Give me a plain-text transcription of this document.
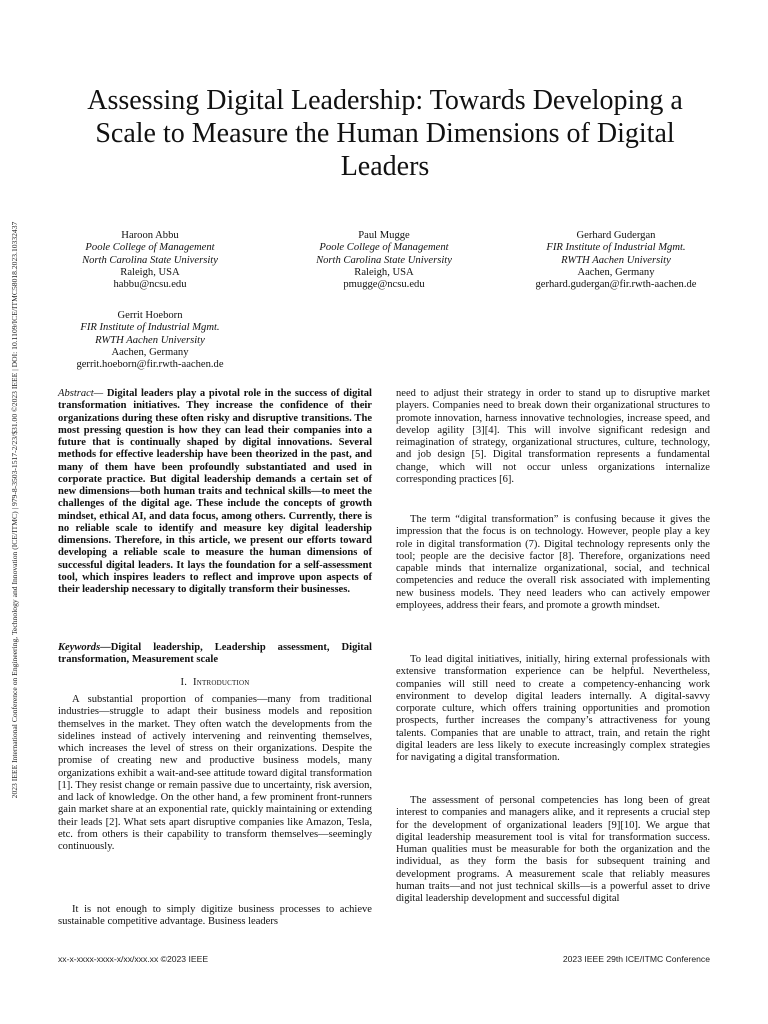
2023 IEEE International Conference on Engineering, Technology and Innovation (ICE/ITMC) | 979-8-3503-1517-2/23/$31.00 ©2023 IEEE | DOI: 10.1109/ICE/ITMC58018.2023.10332437
Assessing Digital Leadership: Towards Developing a Scale to Measure the Human Dimensions of Digital Leaders
Haroon Abbu
Poole College of Management
North Carolina State University
Raleigh, USA
habbu@ncsu.edu
Paul Mugge
Poole College of Management
North Carolina State University
Raleigh, USA
pmugge@ncsu.edu
Gerhard Gudergan
FIR Institute of Industrial Mgmt.
RWTH Aachen University
Aachen, Germany
gerhard.gudergan@fir.rwth-aachen.de
Gerrit Hoeborn
FIR Institute of Industrial Mgmt.
RWTH Aachen University
Aachen, Germany
gerrit.hoeborn@fir.rwth-aachen.de

Abstract— Digital leaders play a pivotal role in the success of digital transformation initiatives. They increase the confidence of their organizations during these often risky and disruptive transitions. The most pressing question is how they can lead their companies into a future that is continually shaped by digital innovations. Several methods for effective leadership have been theorized in the past, and many of them have been profoundly substantiated and used in corporate practice. But digital leadership demands a certain set of new dimensions—both human traits and technical skills—to meet the challenges of the digital age. These include the concepts of growth mindset, ethical AI, and data focus, among others. Currently, there is no reliable scale to identify and measure key digital leadership dimensions. Therefore, in this article, we present our efforts toward developing a reliable scale to measure the human dimensions of successful digital leaders. It lays the foundation for a self-assessment tool, which inspires leaders to reflect and improve upon aspects of their leadership necessary to digitally transform their businesses.

Keywords—Digital leadership, Leadership assessment, Digital transformation, Measurement scale

I. Introduction

A substantial proportion of companies—many from traditional industries—struggle to adapt their business models and reposition themselves in the market. They often watch the developments from the sidelines instead of actively intervening and reinventing themselves, which increases the level of stress on their organizations. Despite the promise of creating new and productive business models, many organizations exhibit a wait-and-see attitude toward digital transformation [1]. They resist change or remain passive due to uncertainty, risk aversion, and lack of knowledge. On the other hand, a few prominent front-runners gain market share at an exponential rate, quickly maintaining or extending their leads [2]. What sets apart disruptive companies like Amazon, Tesla, etc. from others is their capability to transform themselves—seemingly continuously.

It is not enough to simply digitize business processes to achieve sustainable competitive advantage. Business leaders

need to adjust their strategy in order to stand up to disruptive market players. Companies need to break down their organizational structures to promote innovation, harness innovative technologies, increase speed, and develop agility [3][4]. This will involve significant redesign and reimagination of strategy, organizational structures, culture, technology, and job design [5]. Digital transformation represents a fundamental change, which will not occur unless organizations internalize corresponding practices [6].

The term “digital transformation” is confusing because it gives the impression that the focus is on technology. However, people play a key role in digital transformation (7). Digital technology represents only the tool; people are the decisive factor [8]. Therefore, organizations need capable minds that internalize organizational, social, and technical competencies and reduce the overall risk associated with implementing new business models. They need leaders who can actively empower employees, address their fears, and promote a growth mindset.

To lead digital initiatives, initially, hiring external professionals with extensive transformation experience can be helpful. Nevertheless, companies will still need to create a competency-enhancing work environment to develop digital leaders internally. A digital-savvy corporate culture, which offers training opportunities and promotion prospects, further increases the company’s attractiveness for young talents. Companies that are unable to attract, train, and retain the right digital leaders are less likely to execute increasingly complex strategies for navigating a digital transformation.

The assessment of personal competencies has long been of great interest to companies and managers alike, and it represents a crucial step for the development of organizational leaders [9][10]. We argue that digital leadership measurement tool is vital for transformation success. Human qualities must be measurable for both the organization and the individual, as they form the basis for subsequent training and development programs. A measurement scale that reliably measures human traits—and not just technical skills—is a powerful asset to drive digital leadership development and successful digital

xx-x-xxxx-xxxx-x/xx/xxx.xx ©2023 IEEE	2023 IEEE 29th ICE/ITMC Conference
